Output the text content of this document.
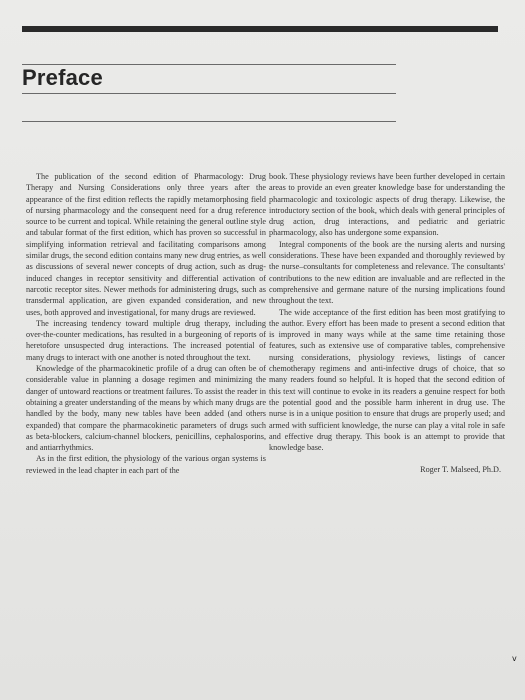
Preface

The publication of the second edition of Pharmacology: Drug Therapy and Nursing Considerations only three years after the appearance of the first edition reflects the rapidly metamorphosing field of nursing pharmacology and the consequent need for a drug reference source to be current and topical. While retaining the general outline style and tabular format of the first edition, which has proven so successful in simplifying information retrieval and facilitating comparisons among similar drugs, the second edition contains many new drug entries, as well as discussions of several newer concepts of drug action, such as drug-induced changes in receptor sensitivity and differential activation of narcotic receptor sites. Newer methods for administering drugs, such as transdermal application, are given expanded consideration, and new uses, both approved and investigational, for many drugs are reviewed.

The increasing tendency toward multiple drug therapy, including over-the-counter medications, has resulted in a burgeoning of reports of heretofore unsuspected drug interactions. The increased potential of many drugs to interact with one another is noted throughout the text.

Knowledge of the pharmacokinetic profile of a drug can often be of considerable value in planning a dosage regimen and minimizing the danger of untoward reactions or treatment failures. To assist the reader in obtaining a greater understanding of the means by which many drugs are handled by the body, many new tables have been added (and others expanded) that compare the pharmacokinetic parameters of drugs such as beta-blockers, calcium-channel blockers, penicillins, cephalosporins, and antiarrhythmics.

As in the first edition, the physiology of the various organ systems is reviewed in the lead chapter in each part of the

book. These physiology reviews have been further developed in certain areas to provide an even greater knowledge base for understanding the pharmacologic and toxicologic aspects of drug therapy. Likewise, the introductory section of the book, which deals with general principles of drug action, drug interactions, and pediatric and geriatric pharmacology, also has undergone some expansion.

Integral components of the book are the nursing alerts and nursing considerations. These have been expanded and thoroughly reviewed by the nurse–consultants for completeness and relevance. The consultants' contributions to the new edition are invaluable and are reflected in the comprehensive and germane nature of the nursing implications found throughout the text.

The wide acceptance of the first edition has been most gratifying to the author. Every effort has been made to present a second edition that is improved in many ways while at the same time retaining those features, such as extensive use of comparative tables, comprehensive nursing considerations, physiology reviews, listings of cancer chemotherapy regimens and anti-infective drugs of choice, that so many readers found so helpful. It is hoped that the second edition of this text will continue to evoke in its readers a genuine respect for both the potential good and the possible harm inherent in drug use. The nurse is in a unique position to ensure that drugs are properly used; and armed with sufficient knowledge, the nurse can play a vital role in safe and effective drug therapy. This book is an attempt to provide that knowledge base.

Roger T. Malseed, Ph.D.
v
